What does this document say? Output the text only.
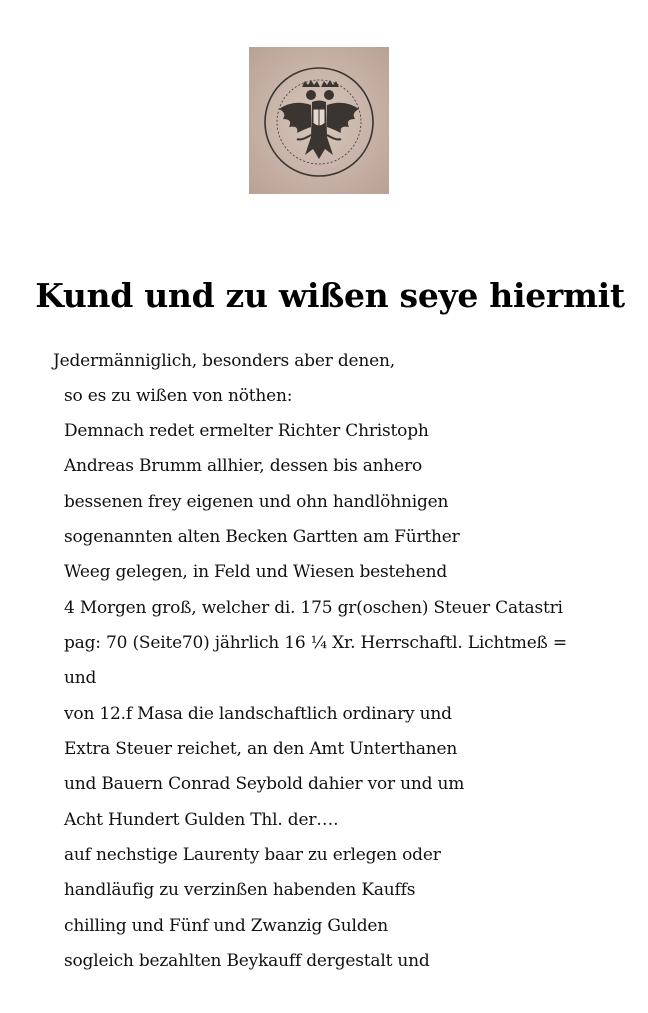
Kund und zu wißen seye hiermit
Jedermänniglich, besonders aber denen,
so es zu wißen von nöthen:
Demnach redet ermelter Richter Christoph
Andreas Brumm allhier, dessen bis anhero
bessenen frey eigenen und ohn handlöhnigen
sogenannten alten Becken Gartten am Fürther
Weeg gelegen, in Feld und Wiesen bestehend
4 Morgen groß, welcher di. 175 gr(oschen) Steuer Catastri
pag: 70 (Seite70) jährlich 16 ¼ Xr. Herrschaftl. Lichtmeß =
und
von 12.f Masa die landschaftlich ordinary und
Extra Steuer reichet, an den Amt Unterthanen
und Bauern Conrad Seybold dahier vor und um
Acht Hundert Gulden Thl. der….
auf nechstige Laurenty baar zu erlegen oder
handläufig zu verzinßen habenden Kauffs
chilling und Fünf und Zwanzig Gulden
sogleich bezahlten Beykauff dergestalt und
